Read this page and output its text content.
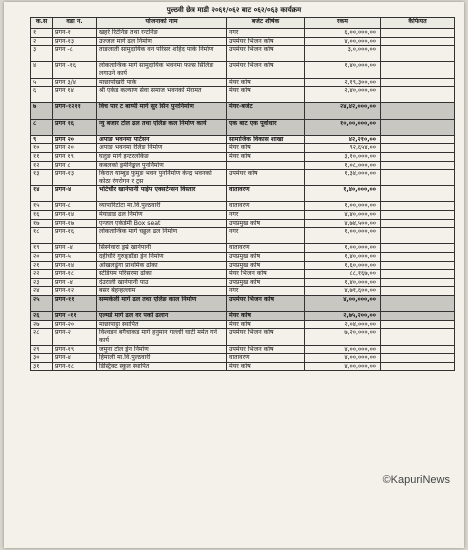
पुल्ठवी छेत्र माडी २०६१/०६२ बाट ०६२/०६३ कार्यक्रम
क.स	वडा न.	योजनाको नाम	बजेट शीर्षक	रकम	कैफियत
१	प्रगन-१	खहरे रिटेनिङ तथा रन्टनिङ	नगर	६,००,०००,००	
२	प्रगन-१३	उज्जल मार्ग ढल निर्माण	उपमेयर भिजन कोष	४,००,०००,००	
३	प्रगन -८	ताङलाती सामुदायिक वन परिसर शहिद पार्क निर्माण	उपमेयर भिजन कोष	३,०,०००,००	
४	प्रगन -१६	लोकतान्त्रिक मार्ग सामुदायिक भवनमा फल्स सिलिङ लगाउने कार्य	उपमेयर भिजन कोष	१,४०,०००,००	
५	प्रगन ३/४	माछापोखरी पार्क	मेयर कोष	२,१९,३००,००	
६	प्रगन १४	श्री एकेड कल्याण सेवा समाज भवनको मेरामत	मेयर कोष	२,४०,०००,००	
७	प्रगन-१२११	विच पार ट बाय्पी मार्ग सुर सिन पुनःनिर्माण	मेयर-बजेट	२४,४२,०००,००	
८	प्रगन १६	न्यु बजार टोल ढल तथा एलिङ कल निर्माण कार्य	एक बाट एक पूर्वाधार	१०,००,०००,००	
९	प्रगन २०	अपाङ भवनमा पार्टेसन	सामाजिक विकास शाखा	४२,२१०,००	
१०	प्रगन २०	अपाङ भवनमा रेलिङ निर्माण	मेयर कोष	९२,६५४,००	
११	प्रगन १९	घलुङ मार्ग इन्टरलकिङ	मेयर कोष	३,१०,०००,००	
१२	प्रगन ८	कबलको ड्रमेनिङ्कल पुनर्निर्माण		१,०८,०००,००	
१३	प्रगन-१३	किरात याम्बुड फुमुङ भवन पुनर्निर्माण केन्द्र भवनको कोठा रंगरोगन र ट्रस	उपमेयर कोष	१,३४,०००,००	
१४	प्रगन-४	भोटेचौर खानेपानी पाईप एक्सटेन्सन विस्तार	वातावरण	१,४०,०००,००	
१५	प्रगन-८	व्यापारिटोटा मा.वि.पुल्ठवारी	वातावरण	१,००,०००,००	
१६	प्रगन-१४	मेयाडाड ढल निर्माण	नगर	४,४०,०००,००	
१७	प्रगन-१७	एन्जल एकेडेमी Box seat	उपप्रमुख कोष	४,७४,५००,००	
१८	प्रगन-१६	लोकतान्त्रिक मार्ग चढ्ढल ढल निर्माण	नगर	१,००,०००,००	
१९	प्रगन -४	सिस्नेवारा ड्रम्रे खानेपानी	वातावरण	१,००,०००,००	
२०	प्रगन-५	दहीचौरे गुरुङ्डाँडा ड्रेन निर्माण	उपप्रमुख कोष	१,४०,०००,००	
२१	प्रगन-१४	ओखलढुंगा प्राथमिक ढोका	उपप्रमुख कोष	१,६०,०००,००	
२२	प्रगन-१८	स्टेडियम परिसरमा ढोका	मेयर भिजन कोष	८८,१६७,००	
२३	प्रगन -४	देउराली खानेपानी पाउ	उपप्रमुख कोष	१,४०,०००,००	
२४	प्रगन-१२	बसर बेहन्हल्लाम	नगर	४,७१,६००,००	
२५	प्रगन-११	सम्मकेली मार्ग ढल तथा एलिङ काल निर्माण	उपमेयर भिजन कोष	४,००,०००,००	
२६	प्रगन -११	एल्मर्ड मार्ग ढल वर पर्का ढलान	मेयर कोष	२,७५,२००,००	
२७	प्रगन-२०	माछापाट्टा स्थापित	मेयर कोष	२,०४,०००,००	
२८	प्रगन-२	विश्वडन बगैचाकड मार्ग हनुमान गल्लाी घाटी मर्मत गर्ने कार्य	उपमेयर भिजन कोष	७,२०,०००,००	
२९	प्रगन-१९	जमुना टोल ड्रेन निर्माण	उपमेयर भिजन कोष	४,००,०००,००	
३०	प्रगन-४	हिमाली मा.वि.पुल्ठवारी	वातावरण	४,००,०००,००	
३१	प्रगन-१८	डिस्ट्रिक्ट स्कुल स्थापित	मेयर कोष	४,००,०००,००	
©KapuriNews
